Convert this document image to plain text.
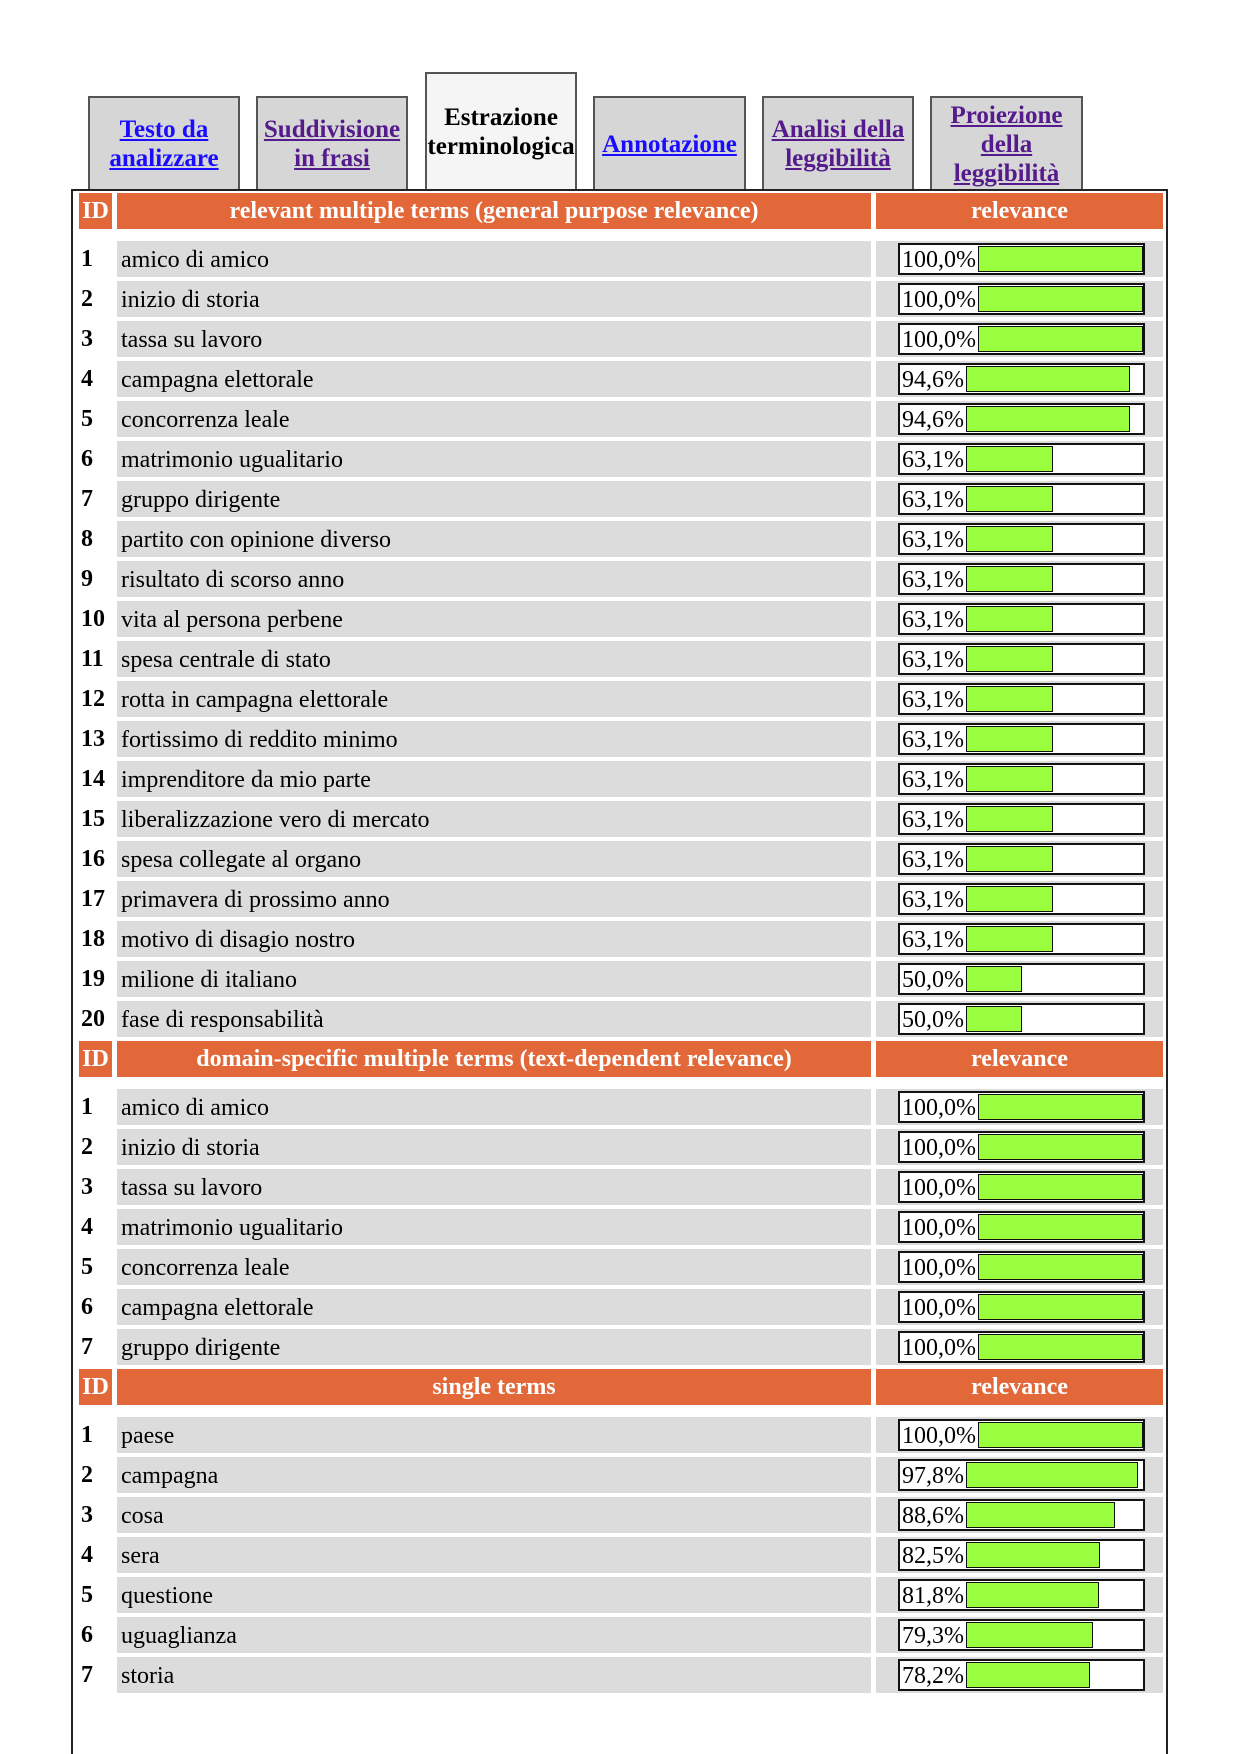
Testo da
analizzare
Suddivisione
in frasi
Estrazione
terminologica Annotazione
Analisi della
leggibilità
Proiezione
della
leggibilità
ID	relevant multiple terms (general purpose relevance)	relevance
1	amico di amico	100,0%
2	inizio di storia	100,0%
3	tassa su lavoro	100,0%
4	campagna elettorale	94,6%
5	concorrenza leale	94,6%
6	matrimonio ugualitario	63,1%
7	gruppo dirigente	63,1%
8	partito con opinione diverso	63,1%
9	risultato di scorso anno	63,1%
10 vita al persona perbene	63,1%
11 spesa centrale di stato	63,1%
12 rotta in campagna elettorale	63,1%
13 fortissimo di reddito minimo	63,1%
14 imprenditore da mio parte	63,1%
15 liberalizzazione vero di mercato	63,1%
16 spesa collegate al organo	63,1%
17 primavera di prossimo anno	63,1%
18 motivo di disagio nostro	63,1%
19 milione di italiano	50,0%
20 fase di responsabilità	50,0%
ID	domain-specific multiple terms (text-dependent relevance)	relevance
1	amico di amico	100,0%
2	inizio di storia	100,0%
3	tassa su lavoro	100,0%
4	matrimonio ugualitario	100,0%
5	concorrenza leale	100,0%
6	campagna elettorale	100,0%
7	gruppo dirigente	100,0%
ID	single terms	relevance
1	paese	100,0%
2	campagna	97,8%
3	cosa	88,6%
4	sera	82,5%
5	questione	81,8%
6	uguaglianza	79,3%
7	storia	78,2%
